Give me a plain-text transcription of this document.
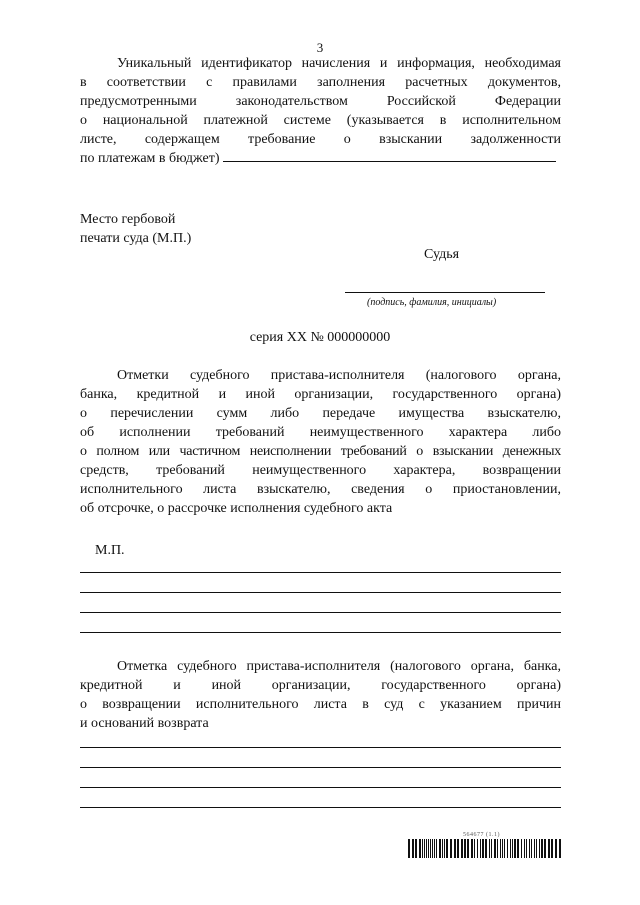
3
Уникальный идентификатор начисления и информация, необходимая
в соответствии с правилами заполнения расчетных документов,
предусмотренными законодательством Российской Федерации
о национальной платежной системе (указывается в исполнительном
листе, содержащем требование о взыскании задолженности
по платежам в бюджет)
Место гербовой
печати суда (М.П.)
Судья
(подпись, фамилия, инициалы)
серия XX № 000000000
Отметки судебного пристава-исполнителя (налогового органа,
банка, кредитной и иной организации, государственного органа)
о перечислении сумм либо передаче имущества взыскателю,
об исполнении требований неимущественного характера либо
о полном или частичном неисполнении требований о взыскании денежных
средств, требований неимущественного характера, возвращении
исполнительного листа взыскателю, сведения о приостановлении,
об отсрочке, о рассрочке исполнения судебного акта
М.П.
Отметка судебного пристава-исполнителя (налогового органа, банка,
кредитной и иной организации, государственного органа)
о возвращении исполнительного листа в суд с указанием причин
и оснований возврата
564677 (1.1)
